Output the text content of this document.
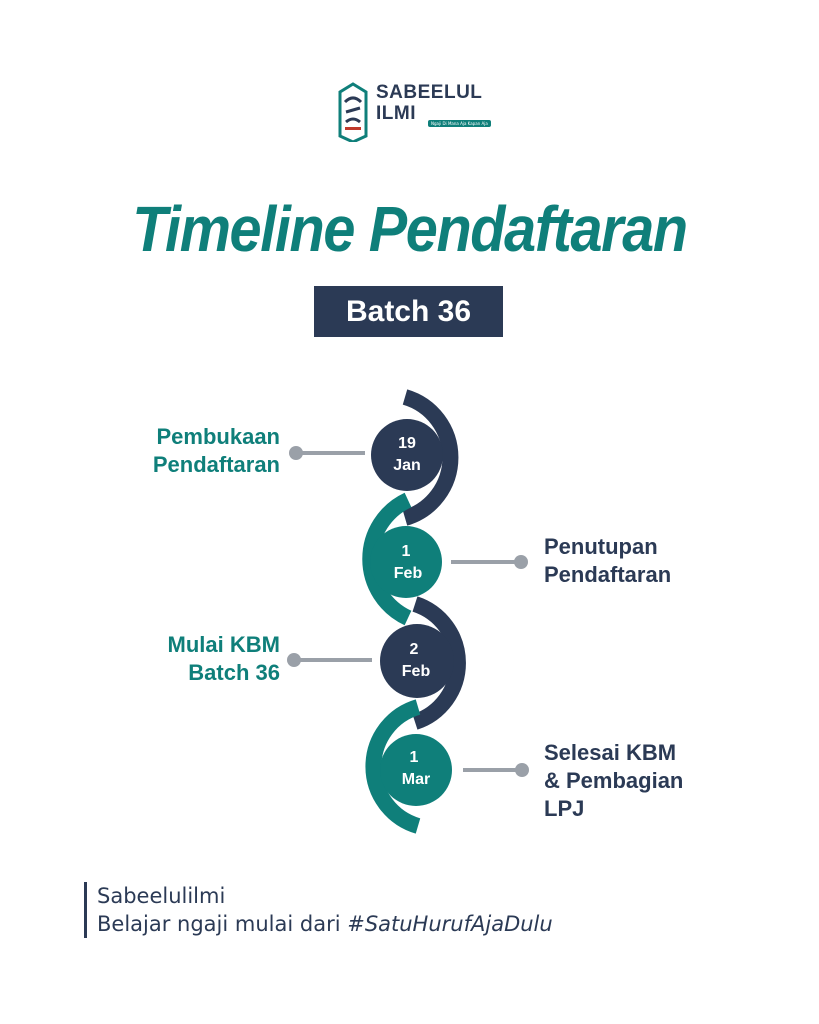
SABEELUL
ILMI	Ngaji Di Mana Aja Kapan Aja
Timeline Pendaftaran
Batch 36
19
Jan
1
Feb
2
Feb
1
Mar
Pembukaan
Pendaftaran
Penutupan
Pendaftaran
Mulai KBM
Batch 36
Selesai KBM
& Pembagian
LPJ
Sabeelulilmi
Belajar ngaji mulai dari #SatuHurufAjaDulu
